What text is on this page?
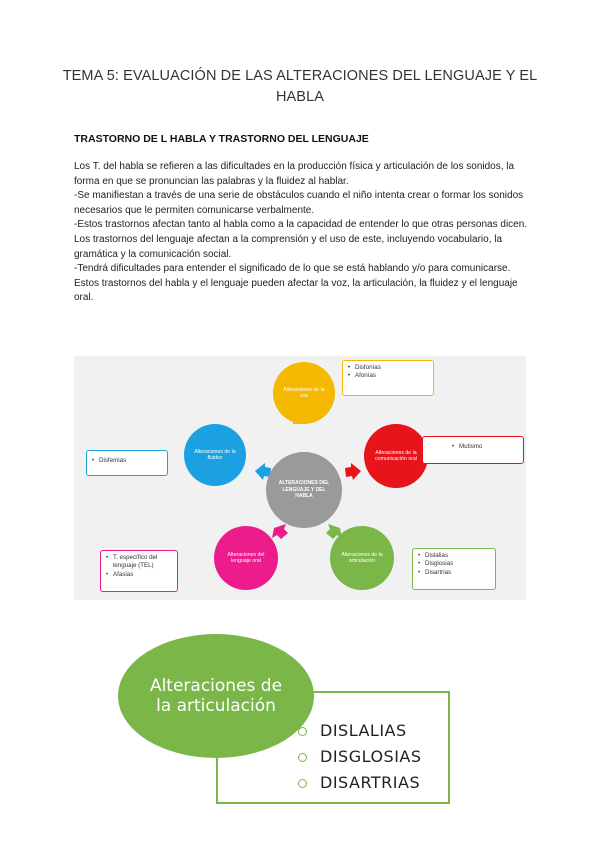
TEMA 5: EVALUACIÓN DE LAS ALTERACIONES DEL LENGUAJE Y EL HABLA
TRASTORNO DE L HABLA Y TRASTORNO DEL LENGUAJE

Los T. del habla se refieren a las dificultades en la producción física y articulación de los sonidos, la forma en que se pronuncian las palabras y la fluidez al hablar.

-Se manifiestan a través de una serie de obstáculos cuando el niño intenta crear o formar los sonidos necesarios que le permiten comunicarse verbalmente.

-Estos trastornos afectan tanto al habla como a la capacidad de entender lo que otras personas dicen.

Los trastornos del lenguaje afectan a la comprensión y el uso de este, incluyendo vocabulario, la gramática y la comunicación social.

-Tendrá dificultades para entender el significado de lo que se está hablando y/o para comunicarse.

Estos trastornos del habla y el lenguaje pueden afectar la voz, la articulación, la fluidez y el lenguaje oral.

ALTERACIONES DEL LENGUAJE Y DEL HABLA
Alteraciones de la voz
Alteraciones de la comunicación oral
Alteraciones de la articulación
Alteraciones del lenguaje oral
Alteraciones de la fluidez
• Disfonías
• Afonías
• Mutismo
• Dislalias
• Disglosias
• Disartrias
• T. específico del lenguaje (TEL)
• Afasias
• Disfemias
Alteraciones de la articulación
DISLALIAS
DISGLOSIAS
DISARTRIAS
